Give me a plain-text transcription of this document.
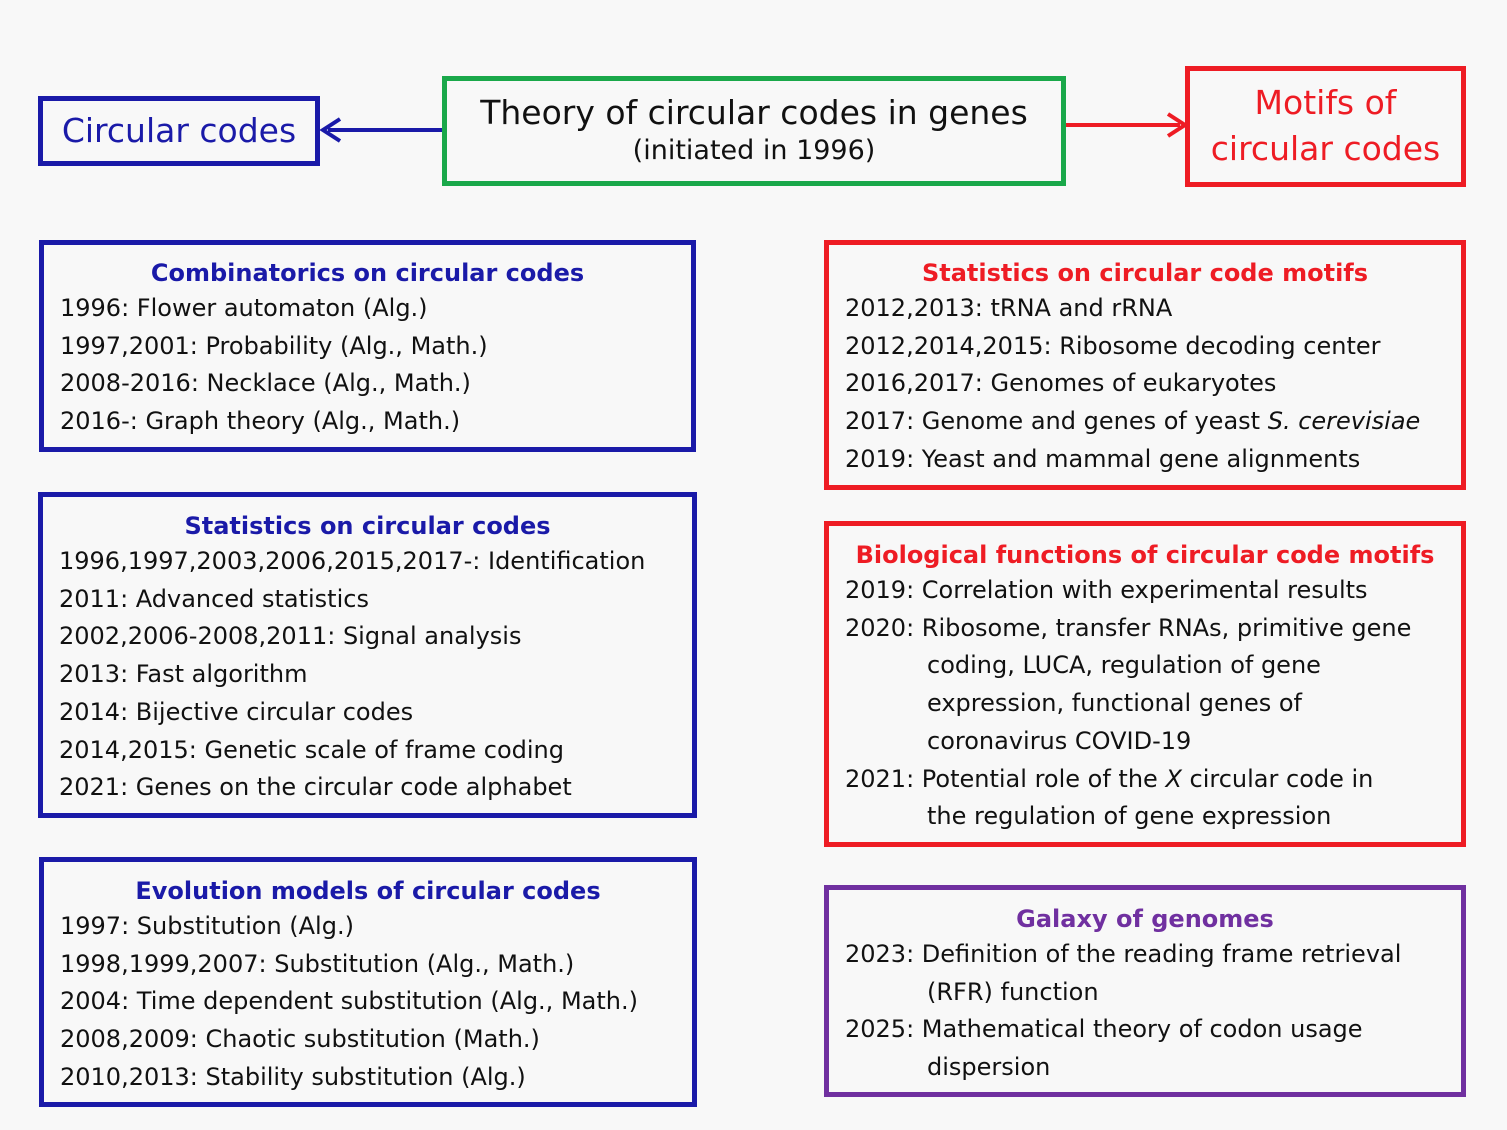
Circular codes	Theory of circular codes in genes
(initiated in 1996)
Motifs of
circular codes
Combinatorics on circular codes
1996: Flower automaton (Alg.)
1997,2001: Probability (Alg., Math.)
2008-2016: Necklace (Alg., Math.)
2016-: Graph theory (Alg., Math.)
Statistics on circular codes
1996,1997,2003,2006,2015,2017-: Identification
2011: Advanced statistics
2002,2006-2008,2011: Signal analysis
2013: Fast algorithm
2014: Bijective circular codes
2014,2015: Genetic scale of frame coding
2021: Genes on the circular code alphabet
Evolution models of circular codes
1997: Substitution (Alg.)
1998,1999,2007: Substitution (Alg., Math.)
2004: Time dependent substitution (Alg., Math.)
2008,2009: Chaotic substitution (Math.)
2010,2013: Stability substitution (Alg.)
Statistics on circular code motifs
2012,2013: tRNA and rRNA
2012,2014,2015: Ribosome decoding center
2016,2017: Genomes of eukaryotes
2017: Genome and genes of yeast S. cerevisiae
2019: Yeast and mammal gene alignments
Biological functions of circular code motifs
2019: Correlation with experimental results
2020: Ribosome, transfer RNAs, primitive gene
coding, LUCA, regulation of gene
expression, functional genes of
coronavirus COVID-19
2021: Potential role of the X circular code in
the regulation of gene expression
Galaxy of genomes
2023: Definition of the reading frame retrieval
(RFR) function
2025: Mathematical theory of codon usage
dispersion
